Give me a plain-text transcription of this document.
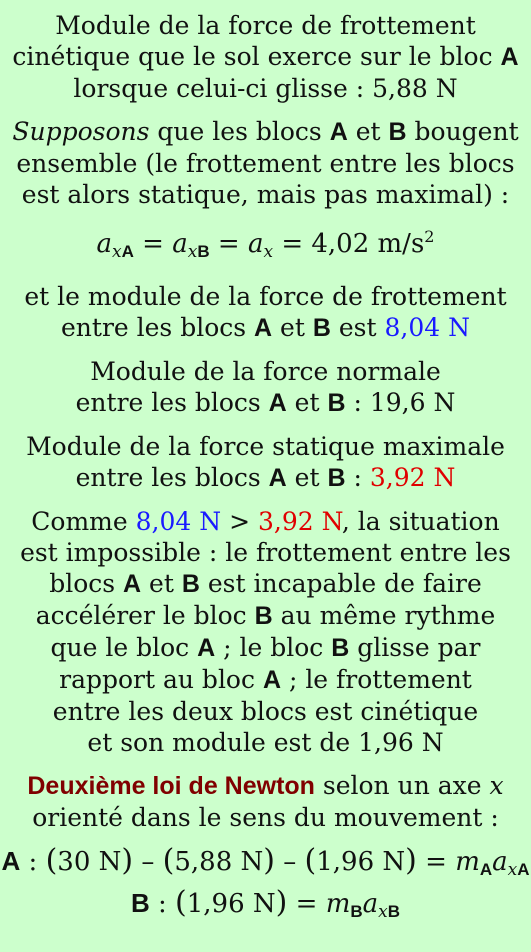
Module de la force de frottement
cinétique que le sol exerce sur le bloc A
lorsque celui-ci glisse : 5,88 N
Supposons que les blocs A et B bougent
ensemble (le frottement entre les blocs
est alors statique, mais pas maximal) :
$a_{xA} = a_{xB} = a_x = 4,02$ $m/s^2$
et le module de la force de frottement
entre les blocs A et B est 8,04 N
Module de la force normale
entre les blocs A et B : 19,6 N
Module de la force statique maximale
entre les blocs A et B : 3,92 N
Comme 8,04 N > 3,92 N, la situation
est impossible : le frottement entre les
blocs A et B est incapable de faire
accélérer le bloc B au même rythme
que le bloc A ; le bloc B glisse par
rapport au bloc A ; le frottement
entre les deux blocs est cinétique
et son module est de 1,96 N
Deuxième loi de Newton selon un axe x
orienté dans le sens du mouvement :
A : (30 N) – (5,88 N) – (1,96 $N) = m_Aa_{xA}$
B : (1,96 $N) = m_Ba_{xB}$
